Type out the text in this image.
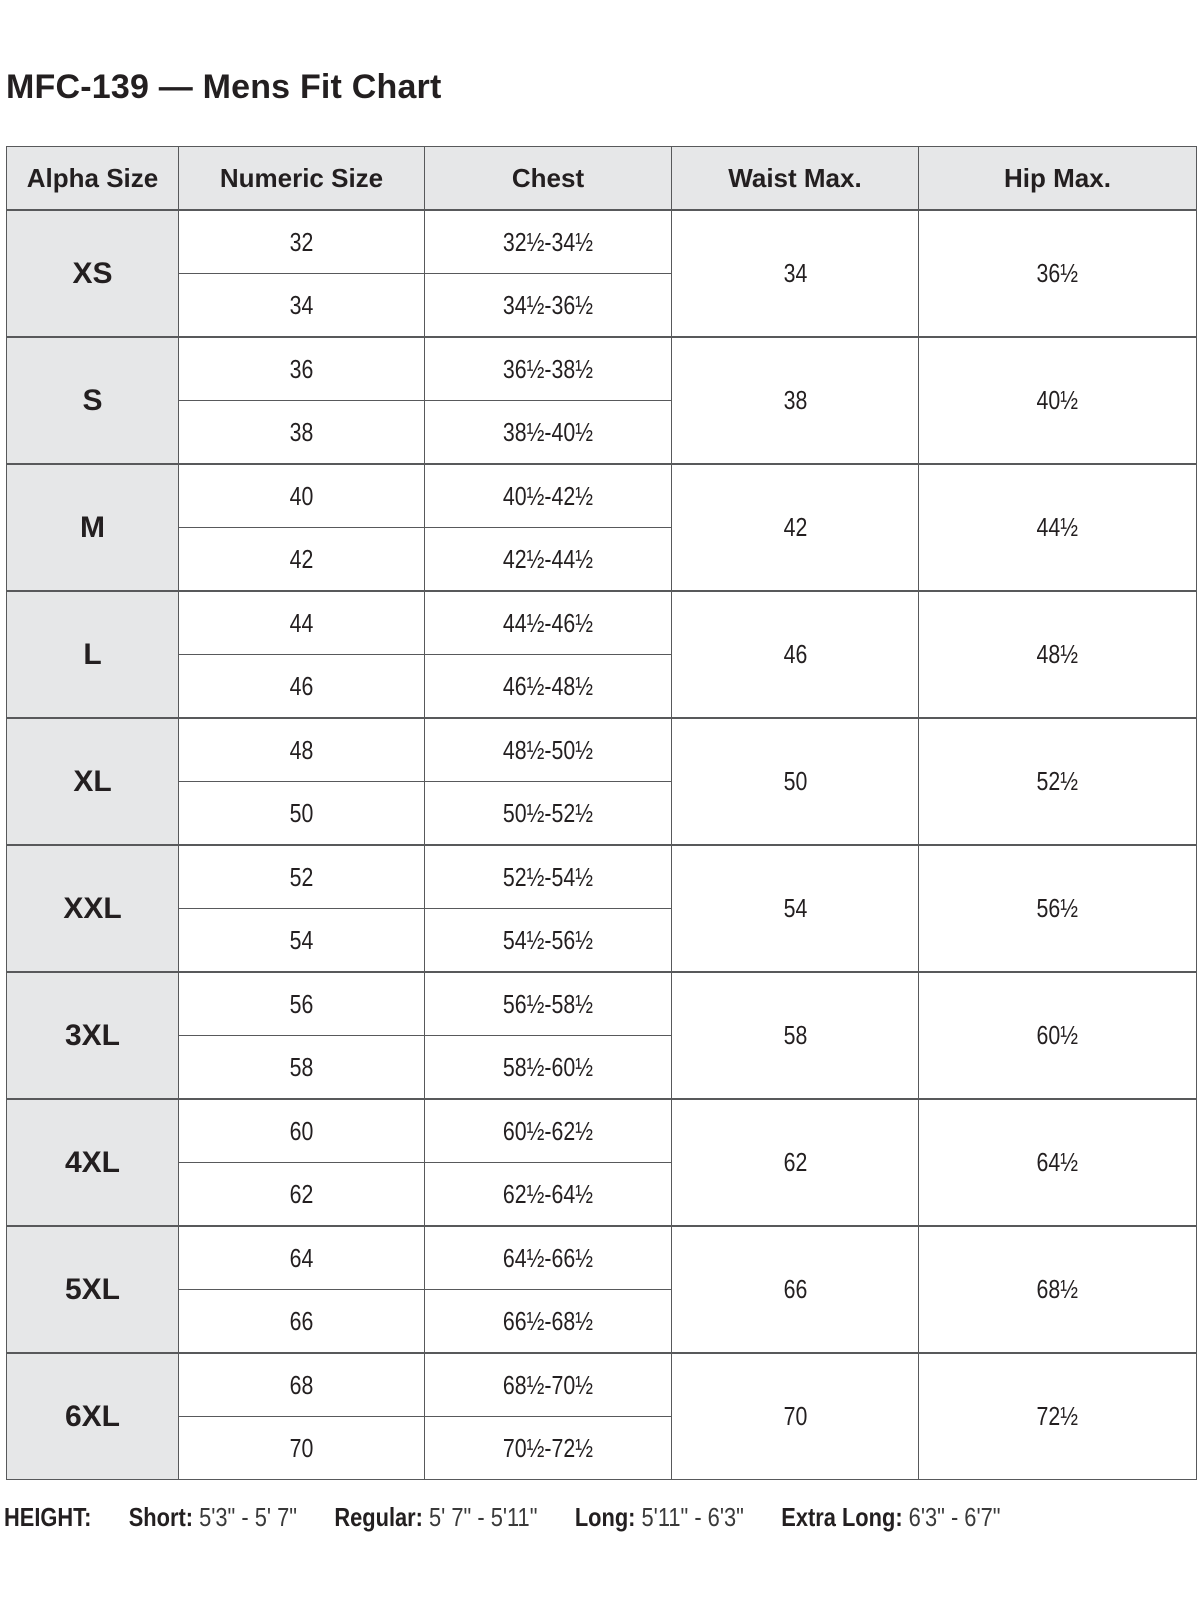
MFC-139 — Mens Fit Chart
Alpha Size	Numeric Size	Chest	Waist Max.	Hip Max.
XS	32	32½-34½	34	36½
	34	34½-36½		
S	36	36½-38½	38	40½
	38	38½-40½		
M	40	40½-42½	42	44½
	42	42½-44½		
L	44	44½-46½	46	48½
	46	46½-48½		
XL	48	48½-50½	50	52½
	50	50½-52½		
XXL	52	52½-54½	54	56½
	54	54½-56½		
3XL	56	56½-58½	58	60½
	58	58½-60½		
4XL	60	60½-62½	62	64½
	62	62½-64½		
5XL	64	64½-66½	66	68½
	66	66½-68½		
6XL	68	68½-70½	70	72½
	70	70½-72½		
HEIGHT: Short: 5'3" - 5' 7" Regular: 5' 7" - 5'11" Long: 5'11" - 6'3" Extra Long: 6'3" - 6'7"
